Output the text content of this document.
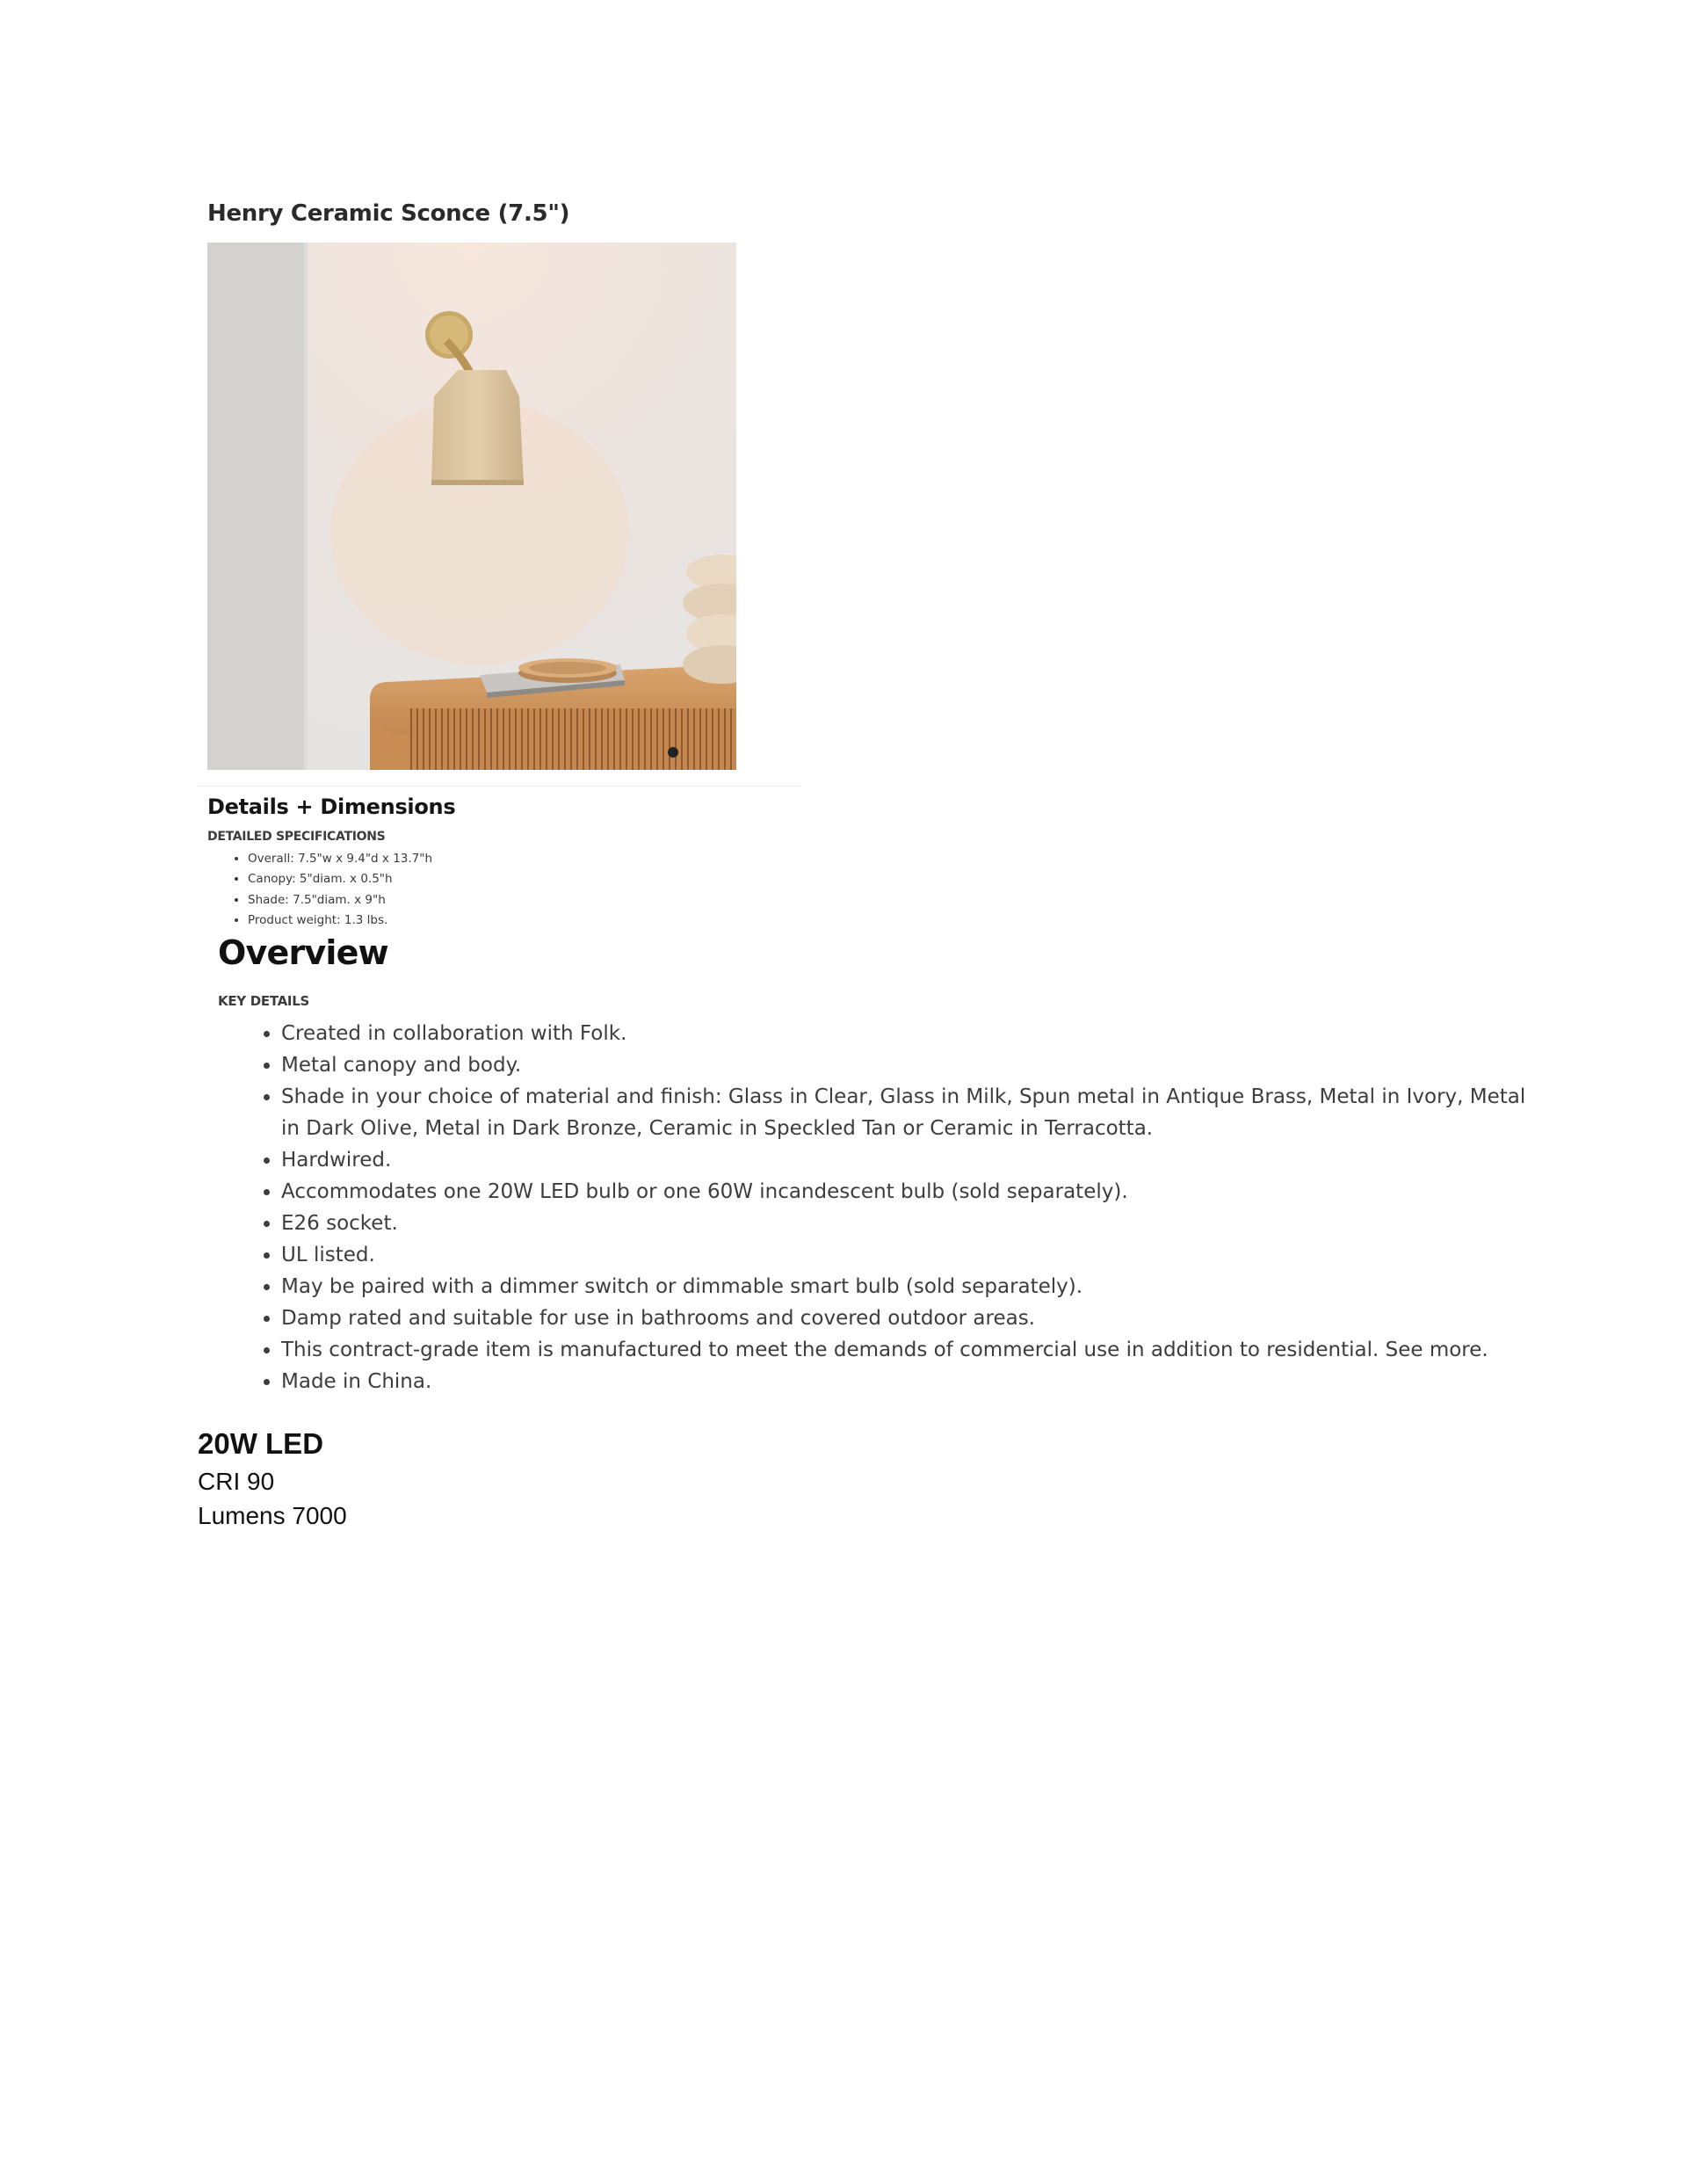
Henry Ceramic Sconce (7.5")
Details + Dimensions
DETAILED SPECIFICATIONS
• Overall: 7.5"w x 9.4"d x 13.7"h
• Canopy: 5"diam. x 0.5"h
• Shade: 7.5"diam. x 9"h
• Product weight: 1.3 lbs.
Overview
KEY DETAILS
• Created in collaboration with Folk.
• Metal canopy and body.
• Shade in your choice of material and finish: Glass in Clear, Glass in Milk, Spun metal in Antique Brass, Metal in Ivory, Metal in Dark Olive, Metal in Dark Bronze, Ceramic in Speckled Tan or Ceramic in Terracotta.
• Hardwired.
• Accommodates one 20W LED bulb or one 60W incandescent bulb (sold separately).
• E26 socket.
• UL listed.
• May be paired with a dimmer switch or dimmable smart bulb (sold separately).
• Damp rated and suitable for use in bathrooms and covered outdoor areas.
• This contract-grade item is manufactured to meet the demands of commercial use in addition to residential. See more.
• Made in China.
20W LED
CRI 90
Lumens 7000
